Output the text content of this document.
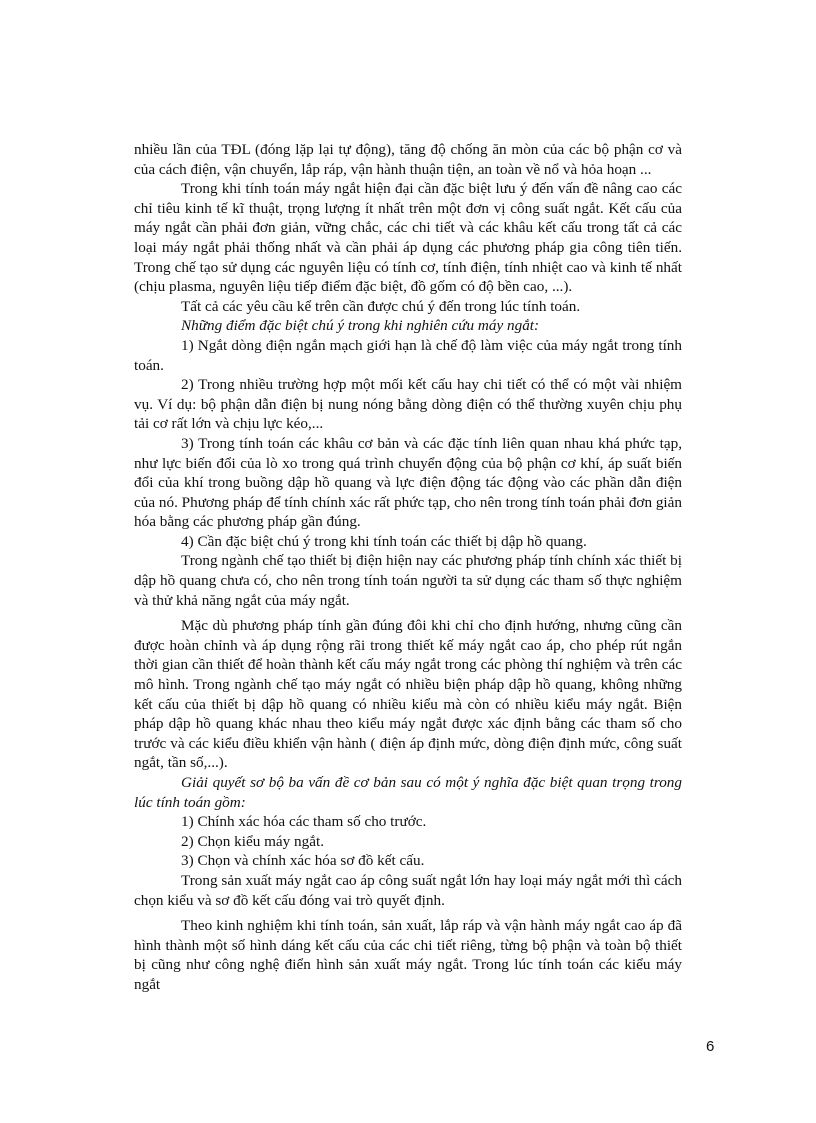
nhiều lần của TĐL (đóng lặp lại tự động), tăng độ chống ăn mòn của các bộ phận cơ và của cách điện, vận chuyển, lắp ráp, vận hành thuận tiện, an toàn về nổ và hỏa hoạn ...

Trong khi tính toán máy ngắt hiện đại cần đặc biệt lưu ý đến vấn đề nâng cao các chỉ tiêu kinh tế kĩ thuật, trọng lượng ít nhất trên một đơn vị công suất ngắt. Kết cấu của máy ngắt cần phải đơn giản, vững chắc, các chi tiết và các khâu kết cấu trong tất cả các loại máy ngắt phải thống nhất và cần phải áp dụng các phương pháp gia công tiên tiến. Trong chế tạo sử dụng các nguyên liệu có tính cơ, tính điện, tính nhiệt cao và kinh tế nhất (chịu plasma, nguyên liệu tiếp điểm đặc biệt, đồ gốm có độ bền cao, ...).

Tất cả các yêu cầu kể trên cần được chú ý đến trong lúc tính toán.

Những điểm đặc biệt chú ý trong khi nghiên cứu máy ngắt:

1) Ngắt dòng điện ngắn mạch giới hạn là chế độ làm việc của máy ngắt trong tính toán.

2) Trong nhiều trường hợp một mối kết cấu hay chi tiết có thể có một vài nhiệm vụ. Ví dụ: bộ phận dẫn điện bị nung nóng bằng dòng điện có thể thường xuyên chịu phụ tải cơ rất lớn và chịu lực kéo,...

3) Trong tính toán các khâu cơ bản và các đặc tính liên quan nhau khá phức tạp, như lực biến đổi của lò xo trong quá trình chuyển động của bộ phận cơ khí, áp suất biến đổi của khí trong buồng dập hồ quang và lực điện động tác động vào các phần dẫn điện của nó. Phương pháp để tính chính xác rất phức tạp, cho nên trong tính toán phải đơn giản hóa bằng các phương pháp gần đúng.

4) Cần đặc biệt chú ý trong khi tính toán các thiết bị dập hồ quang.

Trong ngành chế tạo thiết bị điện hiện nay các phương pháp tính chính xác thiết bị dập hồ quang chưa có, cho nên trong tính toán người ta sử dụng các tham số thực nghiệm và thử khả năng ngắt của máy ngắt.

Mặc dù phương pháp tính gần đúng đôi khi chỉ cho định hướng, nhưng cũng cần được hoàn chỉnh và áp dụng rộng rãi trong thiết kế máy ngắt cao áp, cho phép rút ngắn thời gian cần thiết để hoàn thành kết cấu máy ngắt trong các phòng thí nghiệm và trên các mô hình. Trong ngành chế tạo máy ngắt có nhiều biện pháp dập hồ quang, không những kết cấu của thiết bị dập hồ quang có nhiều kiểu mà còn có nhiều kiểu máy ngắt. Biện pháp dập hồ quang khác nhau theo kiểu máy ngắt được xác định bằng các tham số cho trước và các kiểu điều khiển vận hành ( điện áp định mức, dòng điện định mức, công suất ngắt, tần số,...).

Giải quyết sơ bộ ba vấn đề cơ bản sau có một ý nghĩa đặc biệt quan trọng trong lúc tính toán gồm:

1) Chính xác hóa các tham số cho trước.

2) Chọn kiểu máy ngắt.

3) Chọn và chính xác hóa sơ đồ kết cấu.

Trong sản xuất máy ngắt cao áp công suất ngắt lớn hay loại máy ngắt mới thì cách chọn kiểu và sơ đồ kết cấu đóng vai trò quyết định.

Theo kinh nghiệm khi tính toán, sản xuất, lắp ráp và vận hành máy ngắt cao áp đã hình thành một số hình dáng kết cấu của các chi tiết riêng, từng bộ phận và toàn bộ thiết bị cũng như công nghệ điển hình sản xuất máy ngắt. Trong lúc tính toán các kiểu máy ngắt

6
